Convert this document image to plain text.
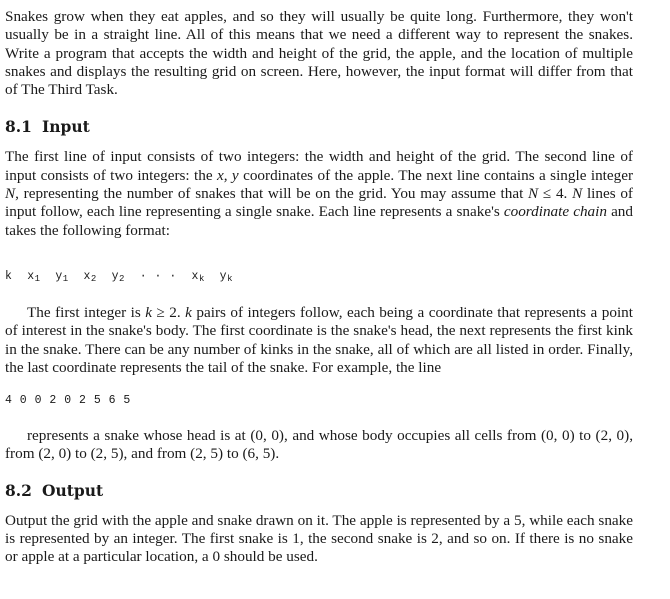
Snakes grow when they eat apples, and so they will usually be quite long. Furthermore, they won't usually be in a straight line. All of this means that we need a different way to represent the snakes. Write a program that accepts the width and height of the grid, the apple, and the location of multiple snakes and displays the resulting grid on screen. Here, however, the input format will differ from that of The Third Task.

8.1 Input

The first line of input consists of two integers: the width and height of the grid. The second line of input consists of two integers: the x, y coordinates of the apple. The next line contains a single integer N, representing the number of snakes that will be on the grid. You may assume that N ≤ 4. N lines of input follow, each line representing a single snake. Each line represents a snake's coordinate chain and takes the following format:

k $x_1$ $y_1$ $x_2$ $y_2$ · · · $x_k$ $y_k$

The first integer is k ≥ 2. k pairs of integers follow, each being a coordinate that represents a point of interest in the snake's body. The first coordinate is the snake's head, the next represents the first kink in the snake. There can be any number of kinks in the snake, all of which are all listed in order. Finally, the last coordinate represents the tail of the snake. For example, the line

4 0 0 2 0 2 5 6 5

represents a snake whose head is at (0, 0), and whose body occupies all cells from (0, 0) to (2, 0), from (2, 0) to (2, 5), and from (2, 5) to (6, 5).

8.2 Output

Output the grid with the apple and snake drawn on it. The apple is represented by a 5, while each snake is represented by an integer. The first snake is 1, the second snake is 2, and so on. If there is no snake or apple at a particular location, a 0 should be used.
